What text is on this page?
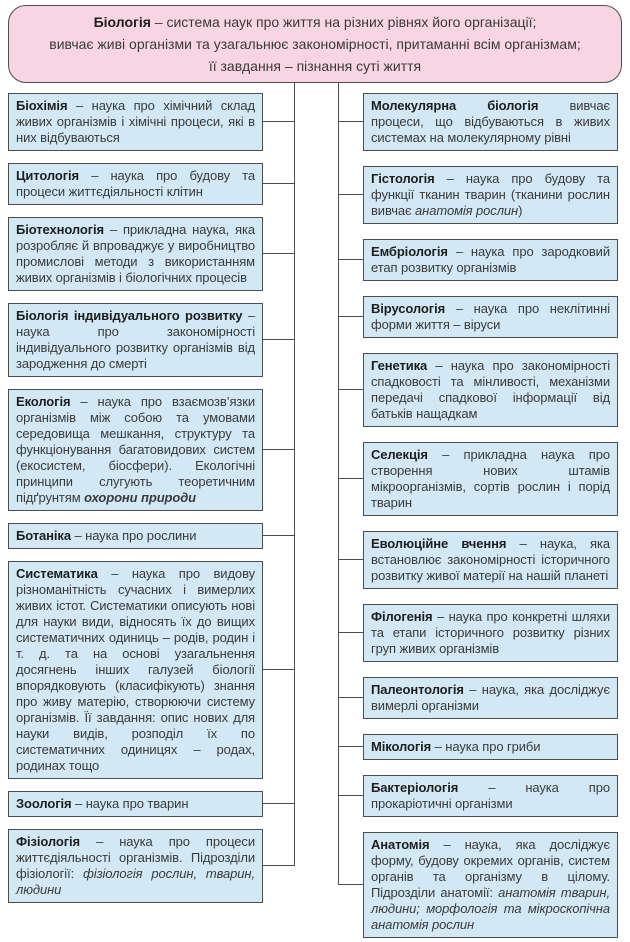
Біологія – система наук про життя на різних рівнях його організації;
вивчає живі організми та узагальнює закономірності, притаманні всім організмам;
її завдання – пізнання суті життя

Біохімія – наука про хімічний склад живих організмів і хімічні процеси, які в них відбуваються

Цитологія – наука про будову та процеси життєдіяльності клітин

Біотехнологія – прикладна наука, яка розробляє й впроваджує у виробництво промислові методи з використанням живих організмів і біологічних процесів

Біологія індивідуального розвитку – наука про закономірності індивідуального розвитку організмів від зародження до смерті

Екологія – наука про взаємозв’язки організмів між собою та умовами середовища мешкання, структуру та функціонування багатовидових систем (екосистем, біосфери). Екологічні принципи слугують теоретичним підґрунтям охорони природи

Ботаніка – наука про рослини

Систематика – наука про видову різноманітність сучасних і вимерлих живих істот. Систематики описують нові для науки види, відносять їх до вищих систематичних одиниць – родів, родин і т. д. та на основі узагальнення досягнень інших галузей біології впорядковують (класифікують) знання про живу матерію, створюючи систему організмів. Її завдання: опис нових для науки видів, розподіл їх по систематичних одиницях – родах, родинах тощо

Зоологія – наука про тварин

Фізіологія – наука про процеси життєдіяльності організмів. Підрозділи фізіології: фізіологія рослин, тварин, людини

Молекулярна біологія вивчає процеси, що відбуваються в живих системах на молекулярному рівні

Гістологія – наука про будову та функції тканин тварин (тканини рослин вивчає анатомія рослин)

Ембріологія – наука про зародковий етап розвитку організмів

Вірусологія – наука про неклітинні форми життя – віруси

Генетика – наука про закономірності спадковості та мінливості, механізми передачі спадкової інформації від батьків нащадкам

Селекція – прикладна наука про створення нових штамів мікроорганізмів, сортів рослин і порід тварин

Еволюційне вчення – наука, яка встановлює закономірності історичного розвитку живої матерії на нашій планеті

Філогенія – наука про конкретні шляхи та етапи історичного розвитку різних груп живих організмів

Палеонтологія – наука, яка досліджує вимерлі організми

Мікологія – наука про гриби

Бактеріологія – наука про прокаріотичні організми

Анатомія – наука, яка досліджує форму, будову окремих органів, систем органів та організму в цілому. Підрозділи анатомії: анатомія тварин, людини; морфологія та мікроскопічна анатомія рослин
